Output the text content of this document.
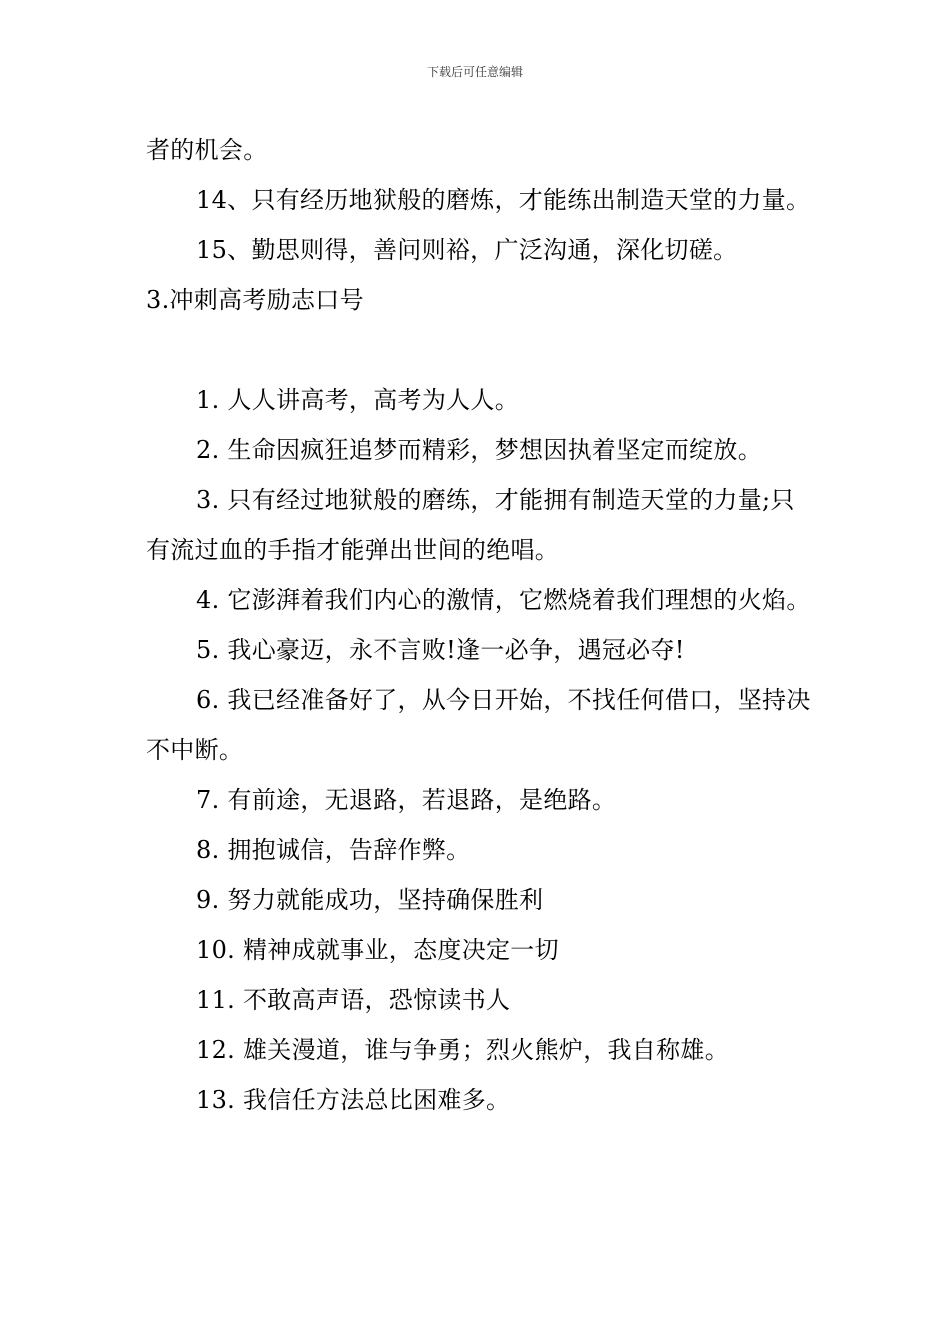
下载后可任意编辑

者的机会。

14、只有经历地狱般的磨炼，才能练出制造天堂的力量。

15、勤思则得，善问则裕，广泛沟通，深化切磋。

3.冲刺高考励志口号

1. 人人讲高考，高考为人人。

2. 生命因疯狂追梦而精彩，梦想因执着坚定而绽放。

3. 只有经过地狱般的磨练，才能拥有制造天堂的力量;只有流过血的手指才能弹出世间的绝唱。

4. 它澎湃着我们内心的激情，它燃烧着我们理想的火焰。

5. 我心豪迈，永不言败!逢一必争，遇冠必夺!

6. 我已经准备好了，从今日开始，不找任何借口，坚持决不中断。

7. 有前途，无退路，若退路，是绝路。

8. 拥抱诚信，告辞作弊。

9. 努力就能成功，坚持确保胜利

10. 精神成就事业，态度决定一切

11. 不敢高声语，恐惊读书人

12. 雄关漫道，谁与争勇；烈火熊炉，我自称雄。

13. 我信任方法总比困难多。
